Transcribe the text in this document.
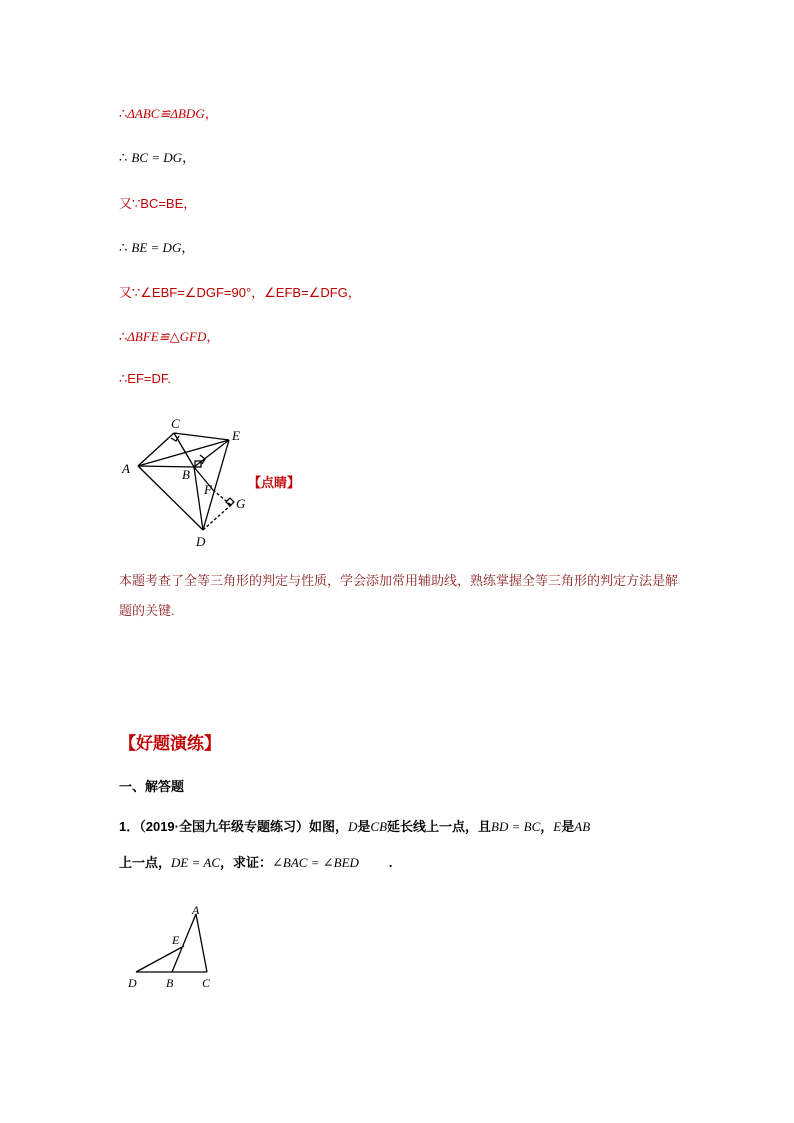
∴ΔABC≌ΔBDG，
∴ BC = DG，
又∵BC=BE，
∴ BE = DG，
又∵∠EBF=∠DGF=90°，∠EFB=∠DFG，
∴ΔBFE≌△GFD，
∴EF=DF.
C
E
A	B
F
G
D
【点睛】
本题考查了全等三角形的判定与性质，学会添加常用辅助线，熟练掌握全等三角形的判定方法是解题的关键.
【好题演练】
一、解答题
1．（2019·全国九年级专题练习）如图，D是CB延长线上一点，且BD = BC，E是AB
上一点，DE = AC，求证：∠BAC = ∠BED .
A
E
D B C
